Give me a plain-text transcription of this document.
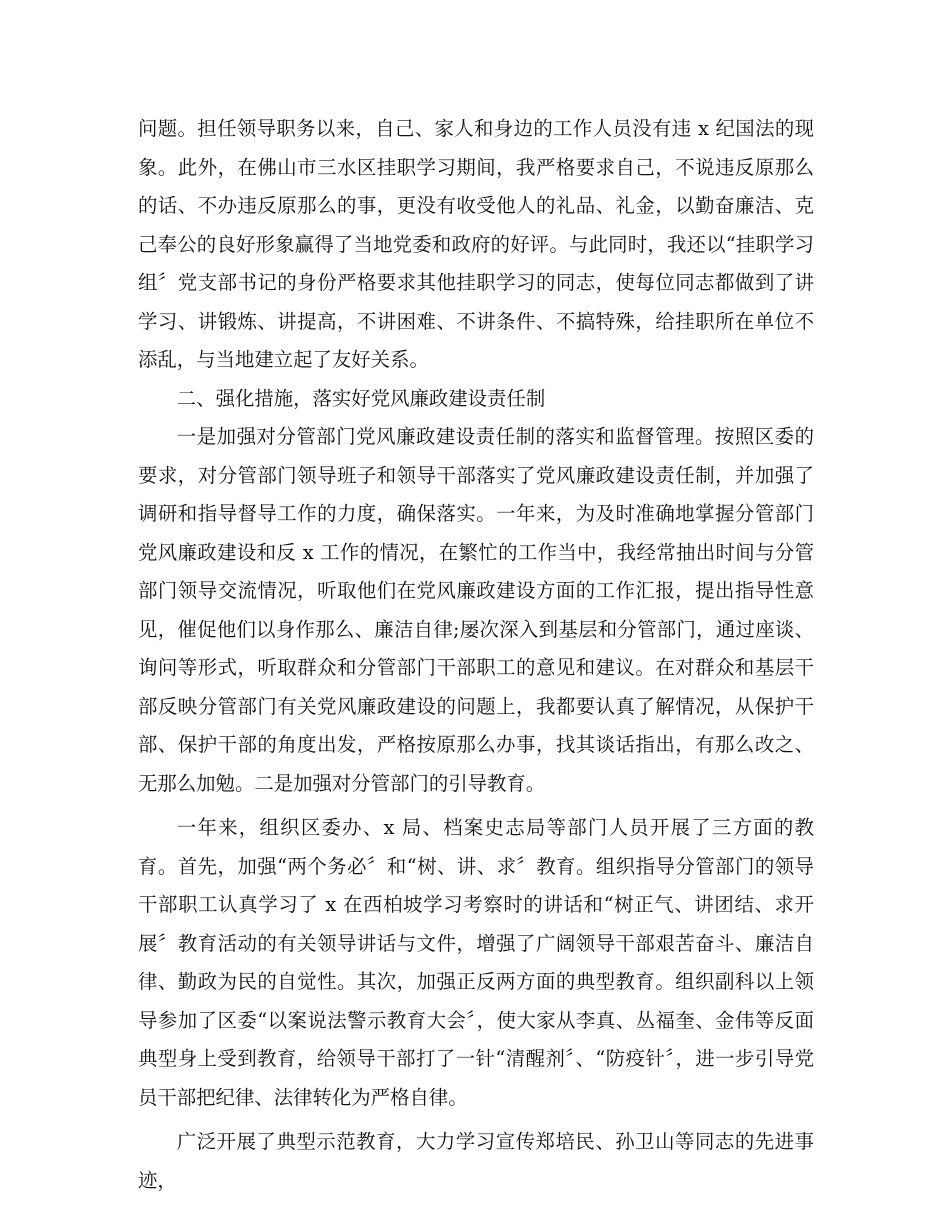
问题。担任领导职务以来，自己、家人和身边的工作人员没有违 x 纪国法的现象。此外，在佛山市三水区挂职学习期间，我严格要求自己，不说违反原那么的话、不办违反原那么的事，更没有收受他人的礼品、礼金，以勤奋廉洁、克己奉公的良好形象赢得了当地党委和政府的好评。与此同时，我还以“挂职学习组〞党支部书记的身份严格要求其他挂职学习的同志，使每位同志都做到了讲学习、讲锻炼、讲提高，不讲困难、不讲条件、不搞特殊，给挂职所在单位不添乱，与当地建立起了友好关系。

二、强化措施，落实好党风廉政建设责任制

一是加强对分管部门党风廉政建设责任制的落实和监督管理。按照区委的要求，对分管部门领导班子和领导干部落实了党风廉政建设责任制，并加强了调研和指导督导工作的力度，确保落实。一年来，为及时准确地掌握分管部门党风廉政建设和反 x 工作的情况，在繁忙的工作当中，我经常抽出时间与分管部门领导交流情况，听取他们在党风廉政建设方面的工作汇报，提出指导性意见，催促他们以身作那么、廉洁自律;屡次深入到基层和分管部门，通过座谈、询问等形式，听取群众和分管部门干部职工的意见和建议。在对群众和基层干部反映分管部门有关党风廉政建设的问题上，我都要认真了解情况，从保护干部、保护干部的角度出发，严格按原那么办事，找其谈话指出，有那么改之、无那么加勉。二是加强对分管部门的引导教育。

一年来，组织区委办、x 局、档案史志局等部门人员开展了三方面的教育。首先，加强“两个务必〞和“树、讲、求〞教育。组织指导分管部门的领导干部职工认真学习了 x 在西柏坡学习考察时的讲话和“树正气、讲团结、求开展〞教育活动的有关领导讲话与文件，增强了广阔领导干部艰苦奋斗、廉洁自律、勤政为民的自觉性。其次，加强正反两方面的典型教育。组织副科以上领导参加了区委“以案说法警示教育大会〞，使大家从李真、丛福奎、金伟等反面典型身上受到教育，给领导干部打了一针“清醒剂〞、“防疫针〞，进一步引导党员干部把纪律、法律转化为严格自律。

广泛开展了典型示范教育，大力学习宣传郑培民、孙卫山等同志的先进事迹，
